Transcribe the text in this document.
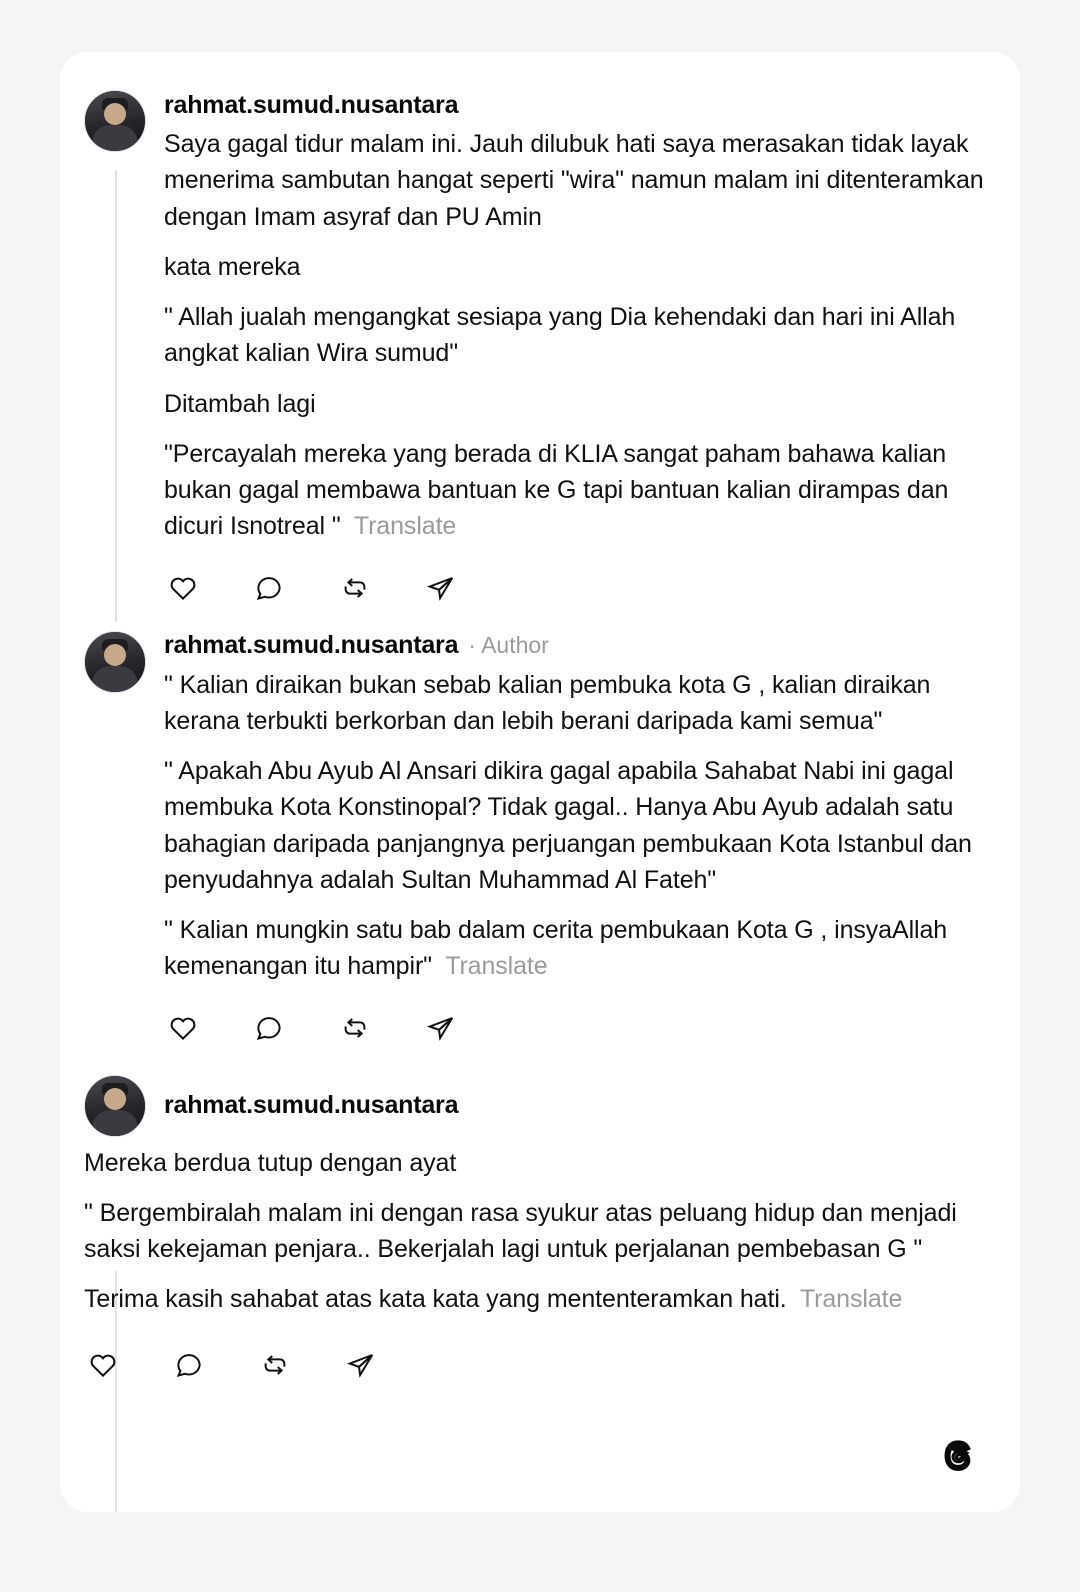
rahmat.sumud.nusantara

Saya gagal tidur malam ini. Jauh dilubuk hati saya merasakan tidak layak menerima sambutan hangat seperti "wira" namun malam ini ditenteramkan dengan Imam asyraf dan PU Amin

kata mereka

" Allah jualah mengangkat sesiapa yang Dia kehendaki dan hari ini Allah angkat kalian Wira sumud"

Ditambah lagi

"Percayalah mereka yang berada di KLIA sangat paham bahawa kalian bukan gagal membawa bantuan ke G tapi bantuan kalian dirampas dan dicuri Isnotreal " Translate

rahmat.sumud.nusantara · Author

" Kalian diraikan bukan sebab kalian pembuka kota G , kalian diraikan kerana terbukti berkorban dan lebih berani daripada kami semua"

" Apakah Abu Ayub Al Ansari dikira gagal apabila Sahabat Nabi ini gagal membuka Kota Konstinopal? Tidak gagal.. Hanya Abu Ayub adalah satu bahagian daripada panjangnya perjuangan pembukaan Kota Istanbul dan penyudahnya adalah Sultan Muhammad Al Fateh"

" Kalian mungkin satu bab dalam cerita pembukaan Kota G , insyaAllah kemenangan itu hampir" Translate

rahmat.sumud.nusantara

Mereka berdua tutup dengan ayat

" Bergembiralah malam ini dengan rasa syukur atas peluang hidup dan menjadi saksi kekejaman penjara.. Bekerjalah lagi untuk perjalanan pembebasan G "

Terima kasih sahabat atas kata kata yang mententeramkan hati. Translate
